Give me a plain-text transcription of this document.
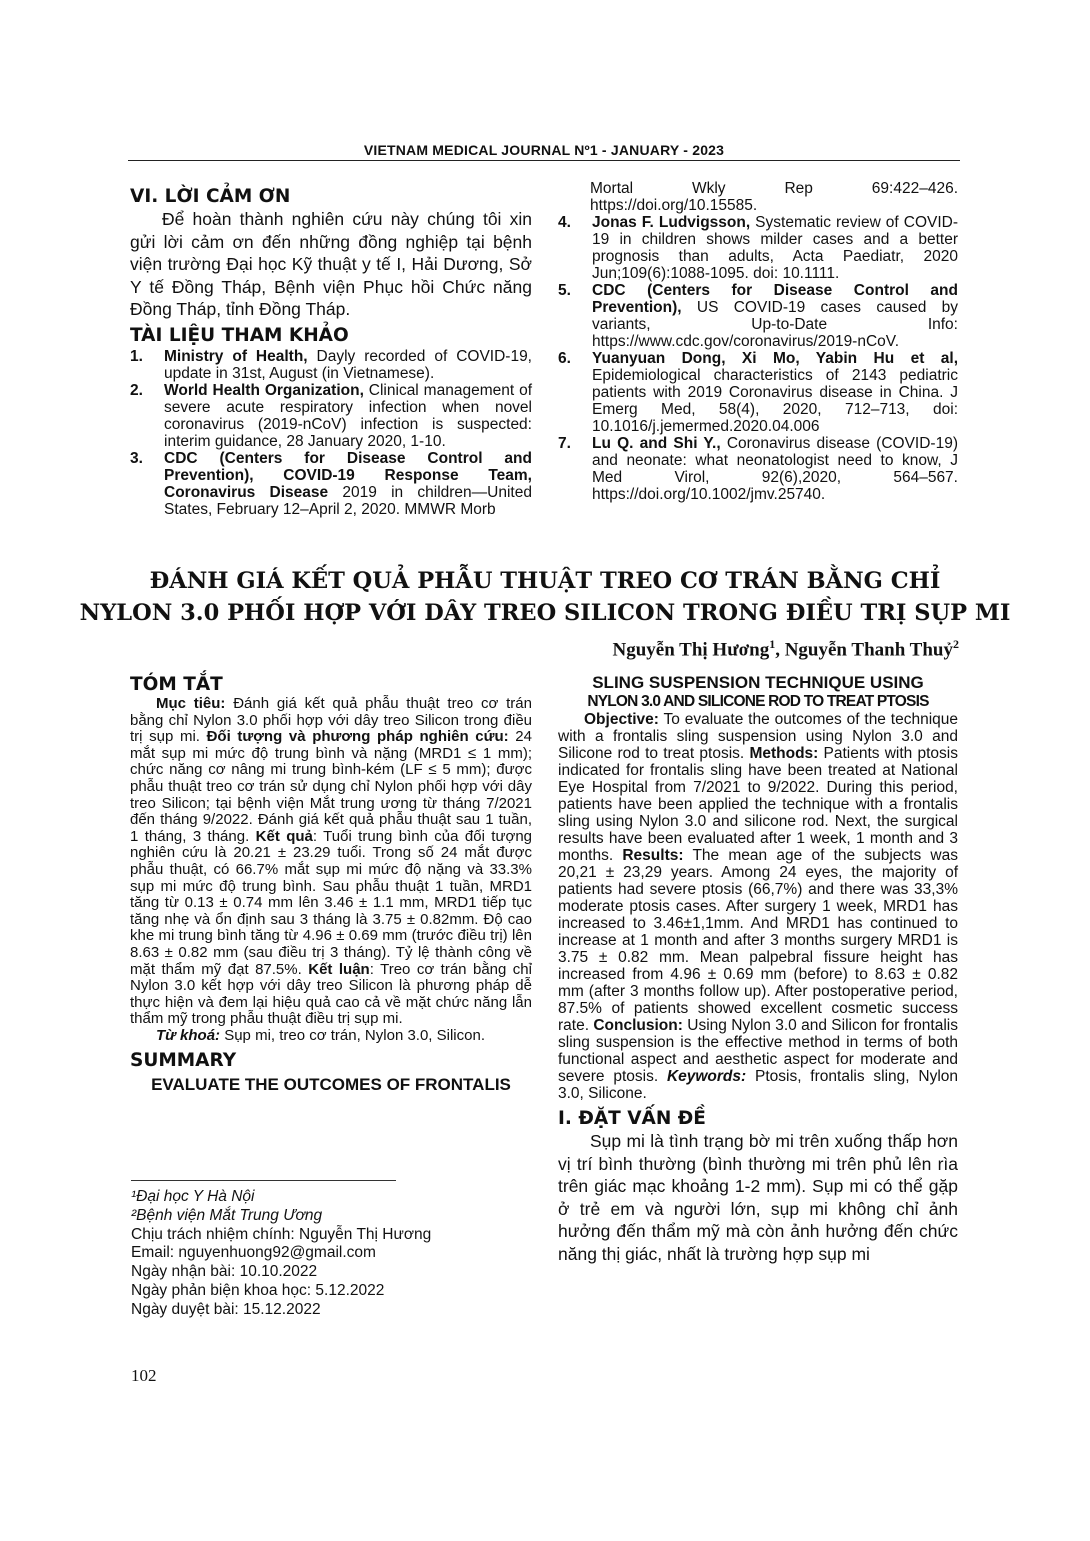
VIETNAM MEDICAL JOURNAL Nº1 - JANUARY - 2023
VI. LỜI CẢM ƠN
Để hoàn thành nghiên cứu này chúng tôi xin gửi lời cảm ơn đến những đồng nghiệp tại bệnh viện trường Đại học Kỹ thuật y tế I, Hải Dương, Sở Y tế Đồng Tháp, Bệnh viện Phục hồi Chức năng Đồng Tháp, tỉnh Đồng Tháp.
TÀI LIỆU THAM KHẢO
1.	Ministry of Health, Dayly recorded of COVID-19, update in 31st, August (in Vietnamese).
2.	World Health Organization, Clinical management of severe acute respiratory infection when novel coronavirus (2019-nCoV) infection is suspected: interim guidance, 28 January 2020, 1-10.
3.	CDC (Centers for Disease Control and Prevention), COVID-19 Response Team, Coronavirus Disease 2019 in children—United States, February 12–April 2, 2020. MMWR Morb
Mortal Wkly Rep 69:422–426. https://doi.org/10.15585.
4.	Jonas F. Ludvigsson, Systematic review of COVID-19 in children shows milder cases and a better prognosis than adults, Acta Paediatr, 2020 Jun;109(6):1088-1095. doi: 10.1111.
5.	CDC (Centers for Disease Control and Prevention), US COVID-19 cases caused by variants, Up-to-Date Info: https://www.cdc.gov/coronavirus/2019-nCoV.
6.	Yuanyuan Dong, Xi Mo, Yabin Hu et al, Epidemiological characteristics of 2143 pediatric patients with 2019 Coronavirus disease in China. J Emerg Med, 58(4), 2020, 712–713, doi: 10.1016/j.jemermed.2020.04.006
7.	Lu Q. and Shi Y., Coronavirus disease (COVID-19) and neonate: what neonatologist need to know, J Med Virol, 92(6),2020, 564–567. https://doi.org/10.1002/jmv.25740.
ĐÁNH GIÁ KẾT QUẢ PHẪU THUẬT TREO CƠ TRÁN BẰNG CHỈ
NYLON 3.0 PHỐI HỢP VỚI DÂY TREO SILICON TRONG ĐIỀU TRỊ SỤP MI
Nguyễn Thị Hương$^1$, Nguyễn Thanh Thuỷ$^2$
TÓM TẮT

Mục tiêu: Đánh giá kết quả phẫu thuật treo cơ trán bằng chỉ Nylon 3.0 phối hợp với dây treo Silicon trong điều trị sụp mi. Đối tượng và phương pháp nghiên cứu: 24 mắt sụp mi mức độ trung bình và nặng (MRD1 ≤ 1 mm); chức năng cơ nâng mi trung bình-kém (LF ≤ 5 mm); được phẫu thuật treo cơ trán sử dụng chỉ Nylon phối hợp với dây treo Silicon; tại bệnh viện Mắt trung ương từ tháng 7/2021 đến tháng 9/2022. Đánh giá kết quả phẫu thuật sau 1 tuần, 1 tháng, 3 tháng. Kết quả: Tuổi trung bình của đối tượng nghiên cứu là 20.21 ± 23.29 tuổi. Trong số 24 mắt được phẫu thuật, có 66.7% mắt sụp mi mức độ nặng và 33.3% sụp mi mức độ trung bình. Sau phẫu thuật 1 tuần, MRD1 tăng từ 0.13 ± 0.74 mm lên 3.46 ± 1.1 mm, MRD1 tiếp tục tăng nhẹ và ổn định sau 3 tháng là 3.75 ± 0.82mm. Độ cao khe mi trung bình tăng từ 4.96 ± 0.69 mm (trước điều trị) lên 8.63 ± 0.82 mm (sau điều trị 3 tháng). Tỷ lệ thành công về mặt thẩm mỹ đạt 87.5%. Kết luận: Treo cơ trán bằng chỉ Nylon 3.0 kết hợp với dây treo Silicon là phương pháp dễ thực hiện và đem lại hiệu quả cao cả về mặt chức năng lẫn thẩm mỹ trong phẫu thuật điều trị sụp mi.

Từ khoá: Sụp mi, treo cơ trán, Nylon 3.0, Silicon.

SUMMARY
EVALUATE THE OUTCOMES OF FRONTALIS
SLING SUSPENSION TECHNIQUE USING
NYLON 3.0 AND SILICONE ROD TO TREAT PTOSIS

Objective: To evaluate the outcomes of the technique with a frontalis sling suspension using Nylon 3.0 and Silicone rod to treat ptosis. Methods: Patients with ptosis indicated for frontalis sling have been treated at National Eye Hospital from 7/2021 to 9/2022. During this period, patients have been applied the technique with a frontalis sling using Nylon 3.0 and silicone rod. Next, the surgical results have been evaluated after 1 week, 1 month and 3 months. Results: The mean age of the subjects was 20,21 ± 23,29 years. Among 24 eyes, the majority of patients had severe ptosis (66,7%) and there was 33,3% moderate ptosis cases. After surgery 1 week, MRD1 has increased to 3.46±1,1mm. And MRD1 has continued to increase at 1 month and after 3 months surgery MRD1 is 3.75 ± 0.82 mm. Mean palpebral fissure height has increased from 4.96 ± 0.69 mm (before) to 8.63 ± 0.82 mm (after 3 months follow up). After postoperative period, 87.5% of patients showed excellent cosmetic success rate. Conclusion: Using Nylon 3.0 and Silicon for frontalis sling suspension is the effective method in terms of both functional aspect and aesthetic aspect for moderate and severe ptosis. Keywords: Ptosis, frontalis sling, Nylon 3.0, Silicone.

I. ĐẶT VẤN ĐỀ
Sụp mi là tình trạng bờ mi trên xuống thấp hơn vị trí bình thường (bình thường mi trên phủ lên rìa trên giác mạc khoảng 1-2 mm). Sụp mi có thể gặp ở trẻ em và người lớn, sụp mi không chỉ ảnh hưởng đến thẩm mỹ mà còn ảnh hưởng đến chức năng thị giác, nhất là trường hợp sụp mi
¹Đại học Y Hà Nội
²Bệnh viện Mắt Trung Ương
Chịu trách nhiệm chính: Nguyễn Thị Hương
Email: nguyenhuong92@gmail.com
Ngày nhận bài: 10.10.2022
Ngày phản biện khoa học: 5.12.2022
Ngày duyệt bài: 15.12.2022
102
